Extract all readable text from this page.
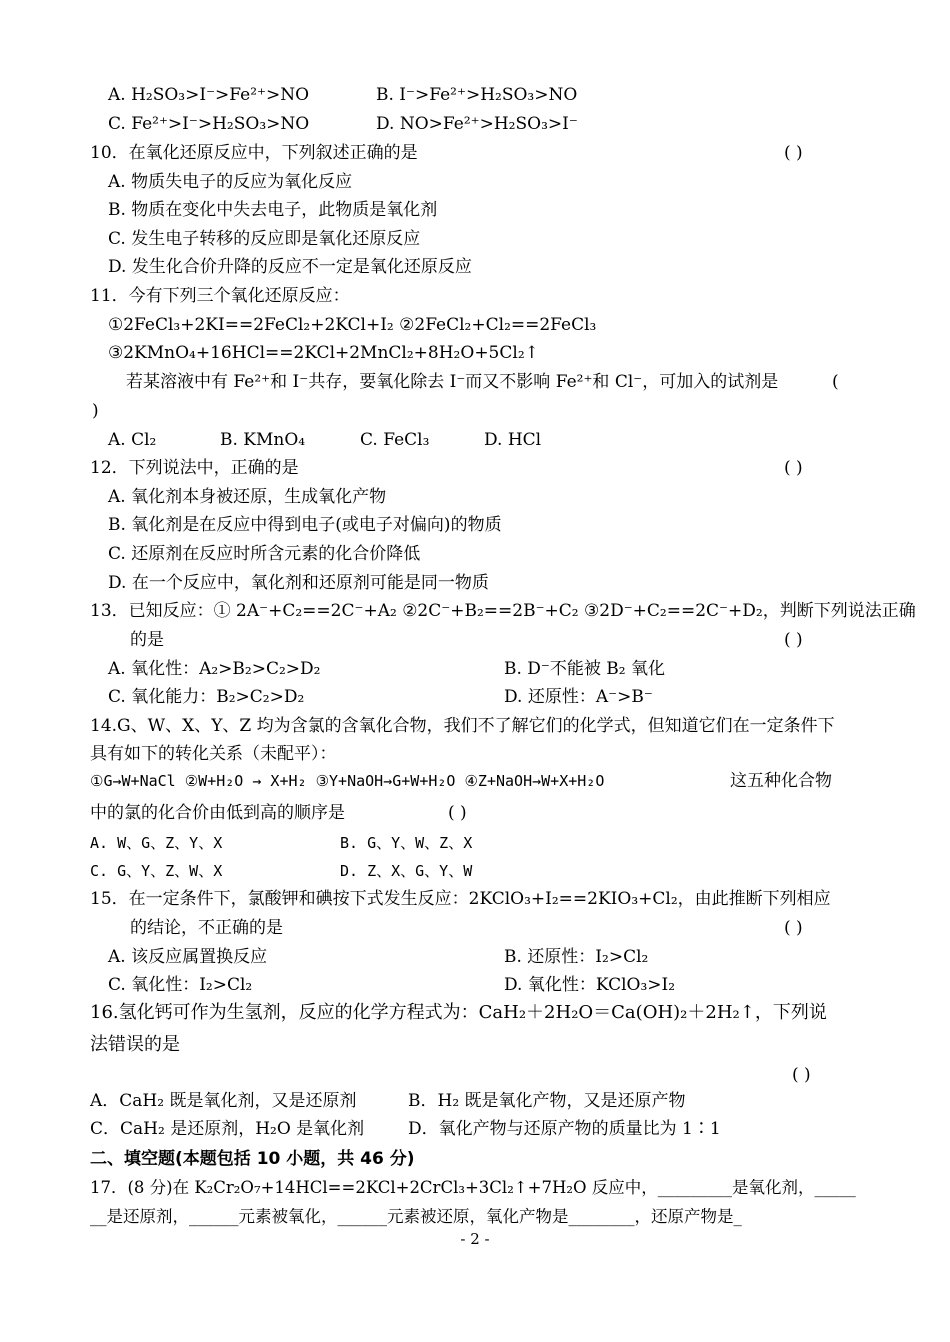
A. H₂SO₃>I⁻>Fe²⁺>NO	B. I⁻>Fe²⁺>H₂SO₃>NO
C. Fe²⁺>I⁻>H₂SO₃>NO	D. NO>Fe²⁺>H₂SO₃>I⁻
10．在氧化还原反应中，下列叙述正确的是	( )
A. 物质失电子的反应为氧化反应
B. 物质在变化中失去电子，此物质是氧化剂
C. 发生电子转移的反应即是氧化还原反应
D. 发生化合价升降的反应不一定是氧化还原反应
11．今有下列三个氧化还原反应：
①2FeCl₃+2KI==2FeCl₂+2KCl+I₂ ②2FeCl₂+Cl₂==2FeCl₃
③2KMnO₄+16HCl==2KCl+2MnCl₂+8H₂O+5Cl₂↑
若某溶液中有 Fe²⁺和 I⁻共存，要氧化除去 I⁻而又不影响 Fe²⁺和 Cl⁻，可加入的试剂是	(
)
A. Cl₂	B. KMnO₄	C. FeCl₃	D. HCl
12．下列说法中，正确的是	( )
A. 氧化剂本身被还原，生成氧化产物
B. 氧化剂是在反应中得到电子(或电子对偏向)的物质
C. 还原剂在反应时所含元素的化合价降低
D. 在一个反应中，氧化剂和还原剂可能是同一物质
13．已知反应：① 2A⁻+C₂==2C⁻+A₂ ②2C⁻+B₂==2B⁻+C₂ ③2D⁻+C₂==2C⁻+D₂，判断下列说法正确
的是	( )
A. 氧化性：A₂>B₂>C₂>D₂	B. D⁻不能被 B₂ 氧化
C. 氧化能力：B₂>C₂>D₂	D. 还原性：A⁻>B⁻
14.G、W、X、Y、Z 均为含氯的含氧化合物，我们不了解它们的化学式，但知道它们在一定条件下
具有如下的转化关系（未配平）：
①G→W+NaCl ②W+H₂O → X+H₂ ③Y+NaOH→G+W+H₂O ④Z+NaOH→W+X+H₂O	这五种化合物
中的氯的化合价由低到高的顺序是	( )
A. W、G、Z、Y、X	B. G、Y、W、Z、X
C. G、Y、Z、W、X	D. Z、X、G、Y、W
15．在一定条件下，氯酸钾和碘按下式发生反应：2KClO₃+I₂==2KIO₃+Cl₂，由此推断下列相应
的结论，不正确的是	( )
A. 该反应属置换反应	B. 还原性：I₂>Cl₂
C. 氧化性：I₂>Cl₂	D. 氧化性：KClO₃>I₂
16.氢化钙可作为生氢剂，反应的化学方程式为：CaH₂＋2H₂O＝Ca(OH)₂＋2H₂↑，下列说
法错误的是
( )
A．CaH₂ 既是氧化剂，又是还原剂	B．H₂ 既是氧化产物，又是还原产物
C．CaH₂ 是还原剂，H₂O 是氧化剂	D．氧化产物与还原产物的质量比为 1∶1
二、填空题(本题包括 10 小题，共 46 分)
17．(8 分)在 K₂Cr₂O₇+14HCl==2KCl+2CrCl₃+3Cl₂↑+7H₂O 反应中，_________是氧化剂，_____
__是还原剂，______元素被氧化，______元素被还原，氧化产物是________，还原产物是_
- 2 -
